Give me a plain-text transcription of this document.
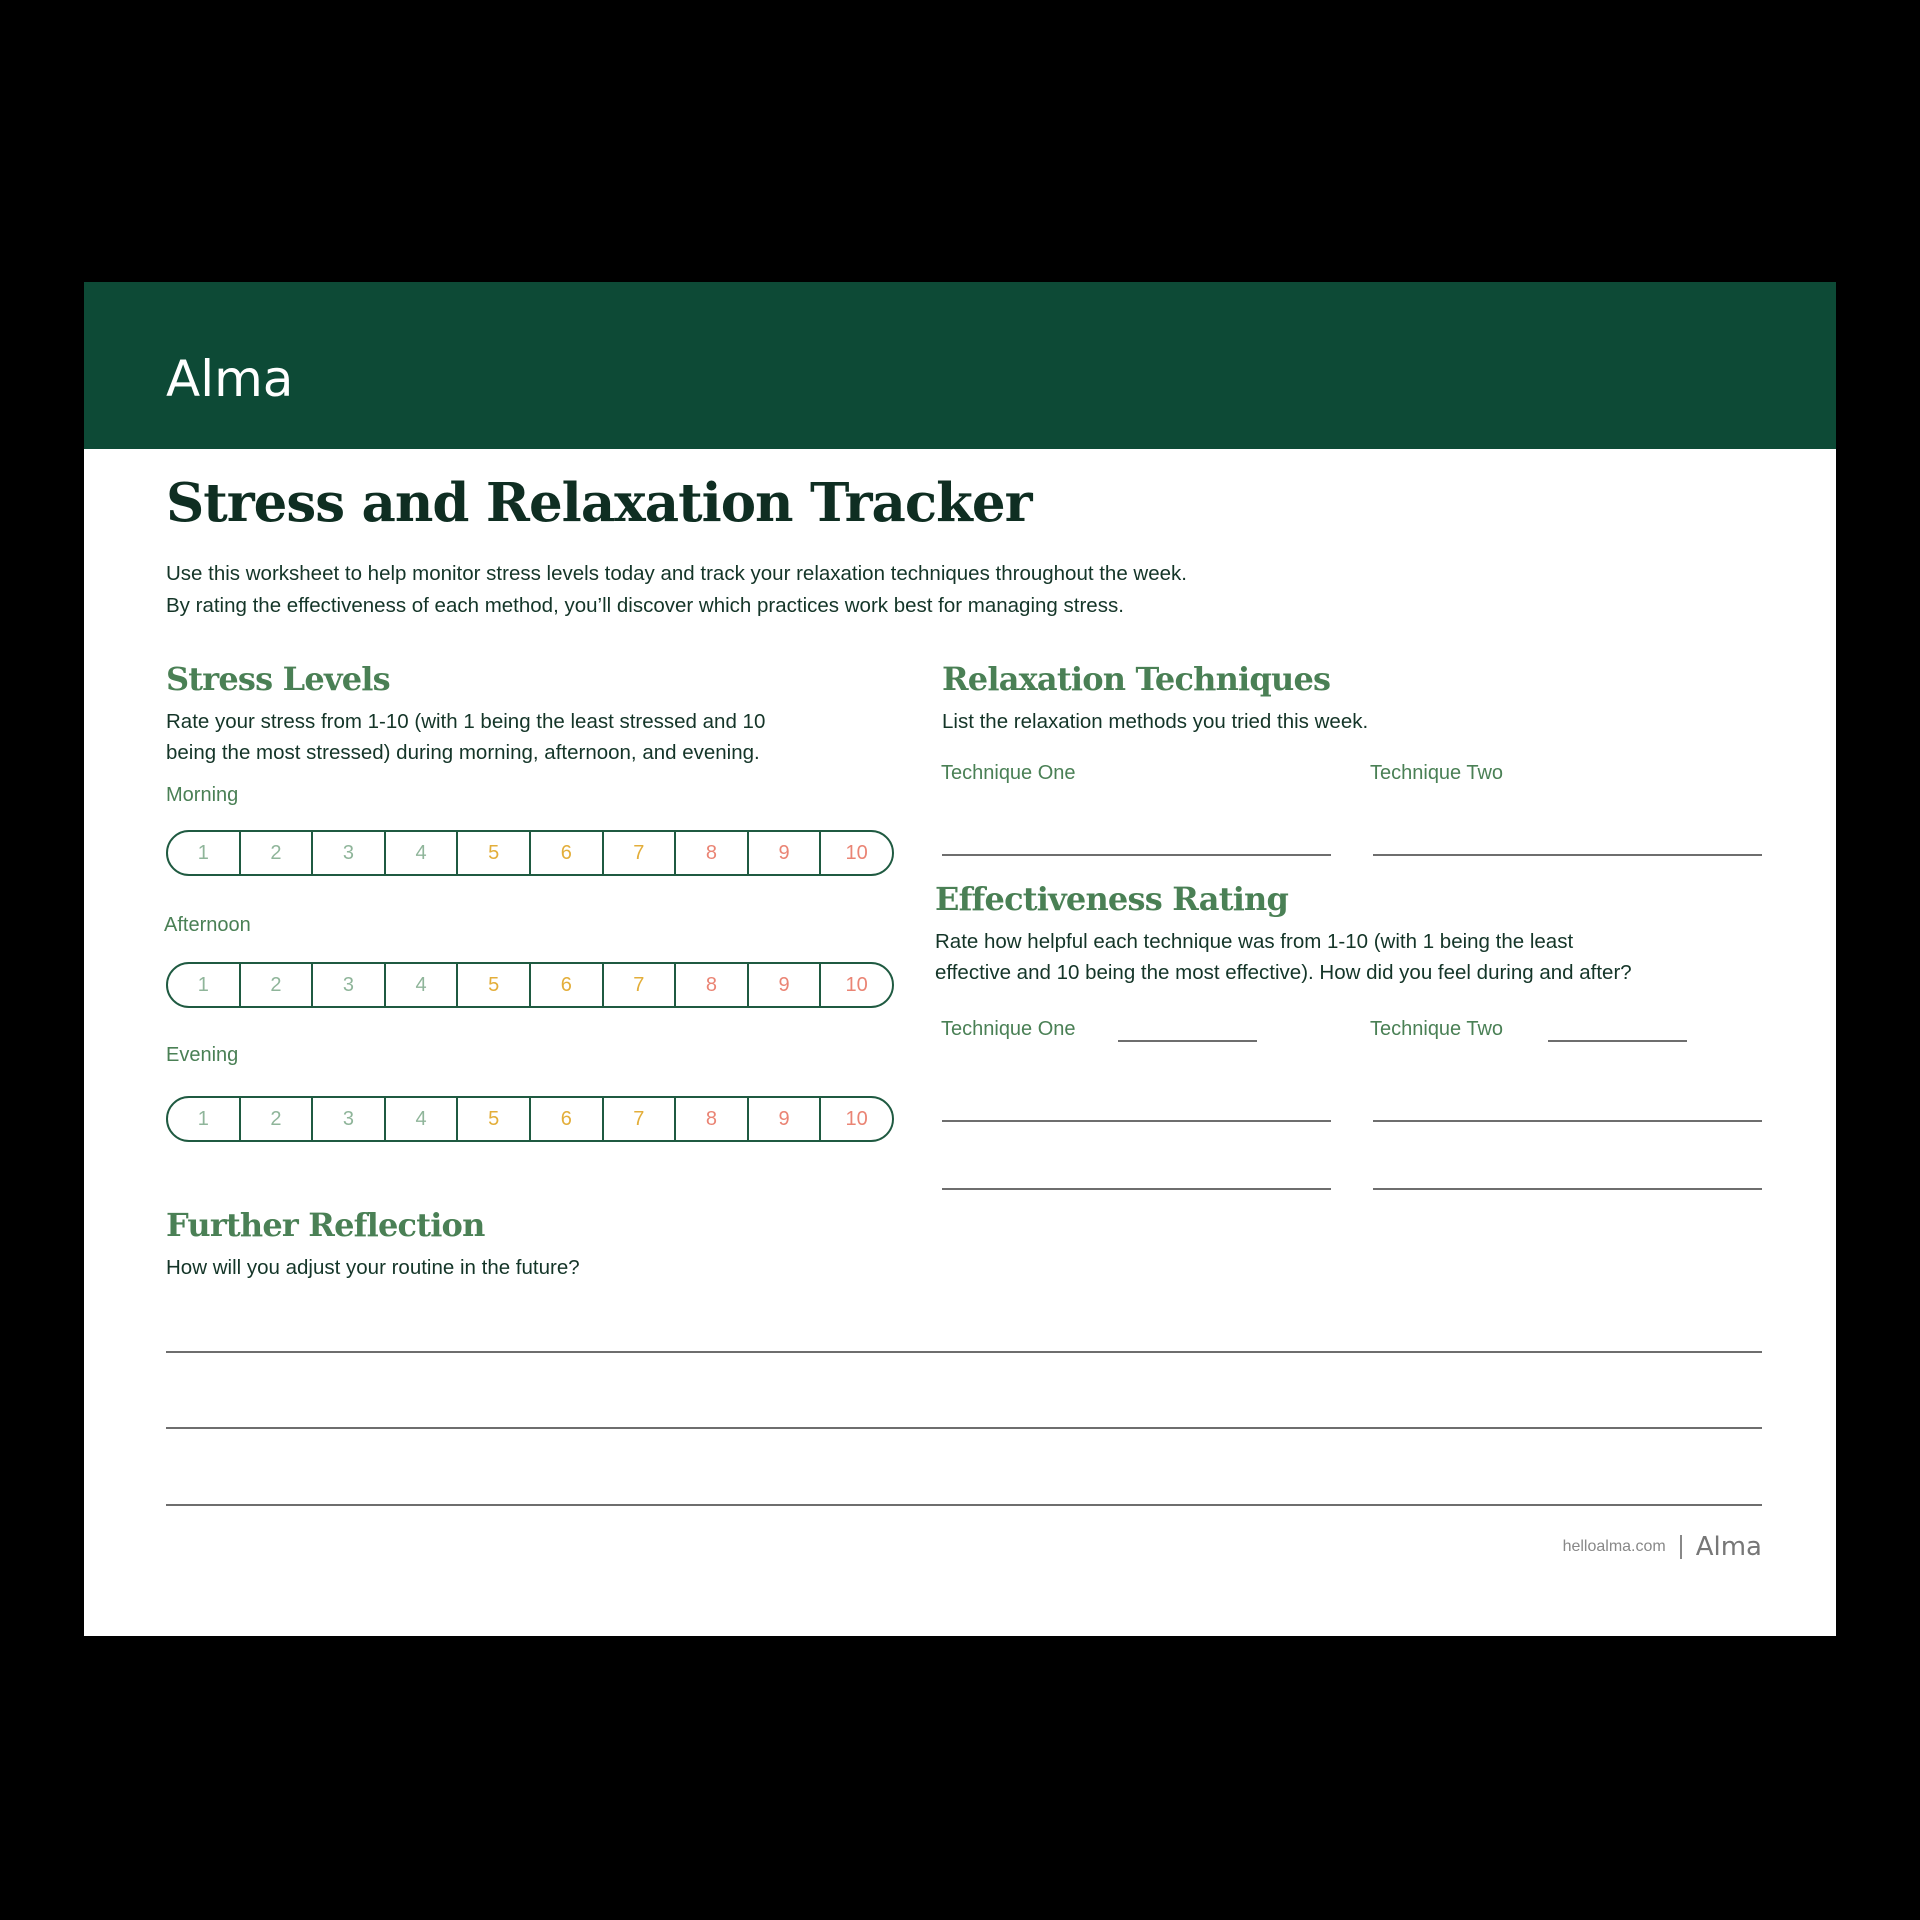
Alma
Stress and Relaxation Tracker
Use this worksheet to help monitor stress levels today and track your relaxation techniques throughout the week.
By rating the effectiveness of each method, you’ll discover which practices work best for managing stress.
Stress Levels
Rate your stress from 1-10 (with 1 being the least stressed and 10
being the most stressed) during morning, afternoon, and evening.
Morning
1	2	3	4	5	6	7	8	9	10
Afternoon
1	2	3	4	5	6	7	8	9	10
Evening
1	2	3	4	5	6	7	8	9	10
Relaxation Techniques
List the relaxation methods you tried this week.
Technique One	Technique Two
Effectiveness Rating
Rate how helpful each technique was from 1-10 (with 1 being the least
effective and 10 being the most effective). How did you feel during and after?
Technique One	Technique Two
Further Reflection
How will you adjust your routine in the future?
helloalma.com Alma
